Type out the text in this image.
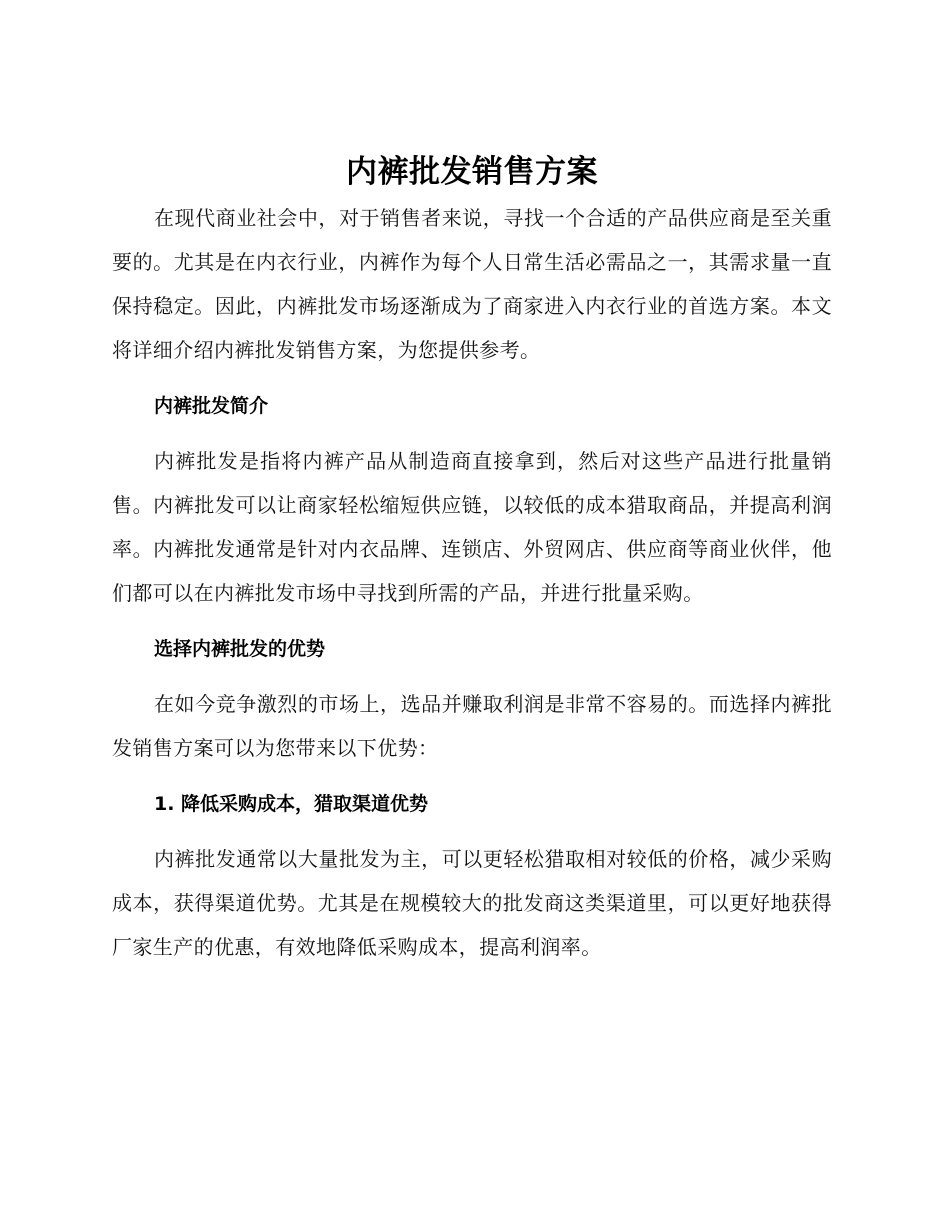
内裤批发销售方案

在现代商业社会中，对于销售者来说，寻找一个合适的产品供应商是至关重要的。尤其是在内衣行业，内裤作为每个人日常生活必需品之一，其需求量一直保持稳定。因此，内裤批发市场逐渐成为了商家进入内衣行业的首选方案。本文将详细介绍内裤批发销售方案，为您提供参考。

内裤批发简介

内裤批发是指将内裤产品从制造商直接拿到，然后对这些产品进行批量销售。内裤批发可以让商家轻松缩短供应链，以较低的成本猎取商品，并提高利润率。内裤批发通常是针对内衣品牌、连锁店、外贸网店、供应商等商业伙伴，他们都可以在内裤批发市场中寻找到所需的产品，并进行批量采购。

选择内裤批发的优势

在如今竞争激烈的市场上，选品并赚取利润是非常不容易的。而选择内裤批发销售方案可以为您带来以下优势：

1. 降低采购成本，猎取渠道优势

内裤批发通常以大量批发为主，可以更轻松猎取相对较低的价格，减少采购成本，获得渠道优势。尤其是在规模较大的批发商这类渠道里，可以更好地获得厂家生产的优惠，有效地降低采购成本，提高利润率。
